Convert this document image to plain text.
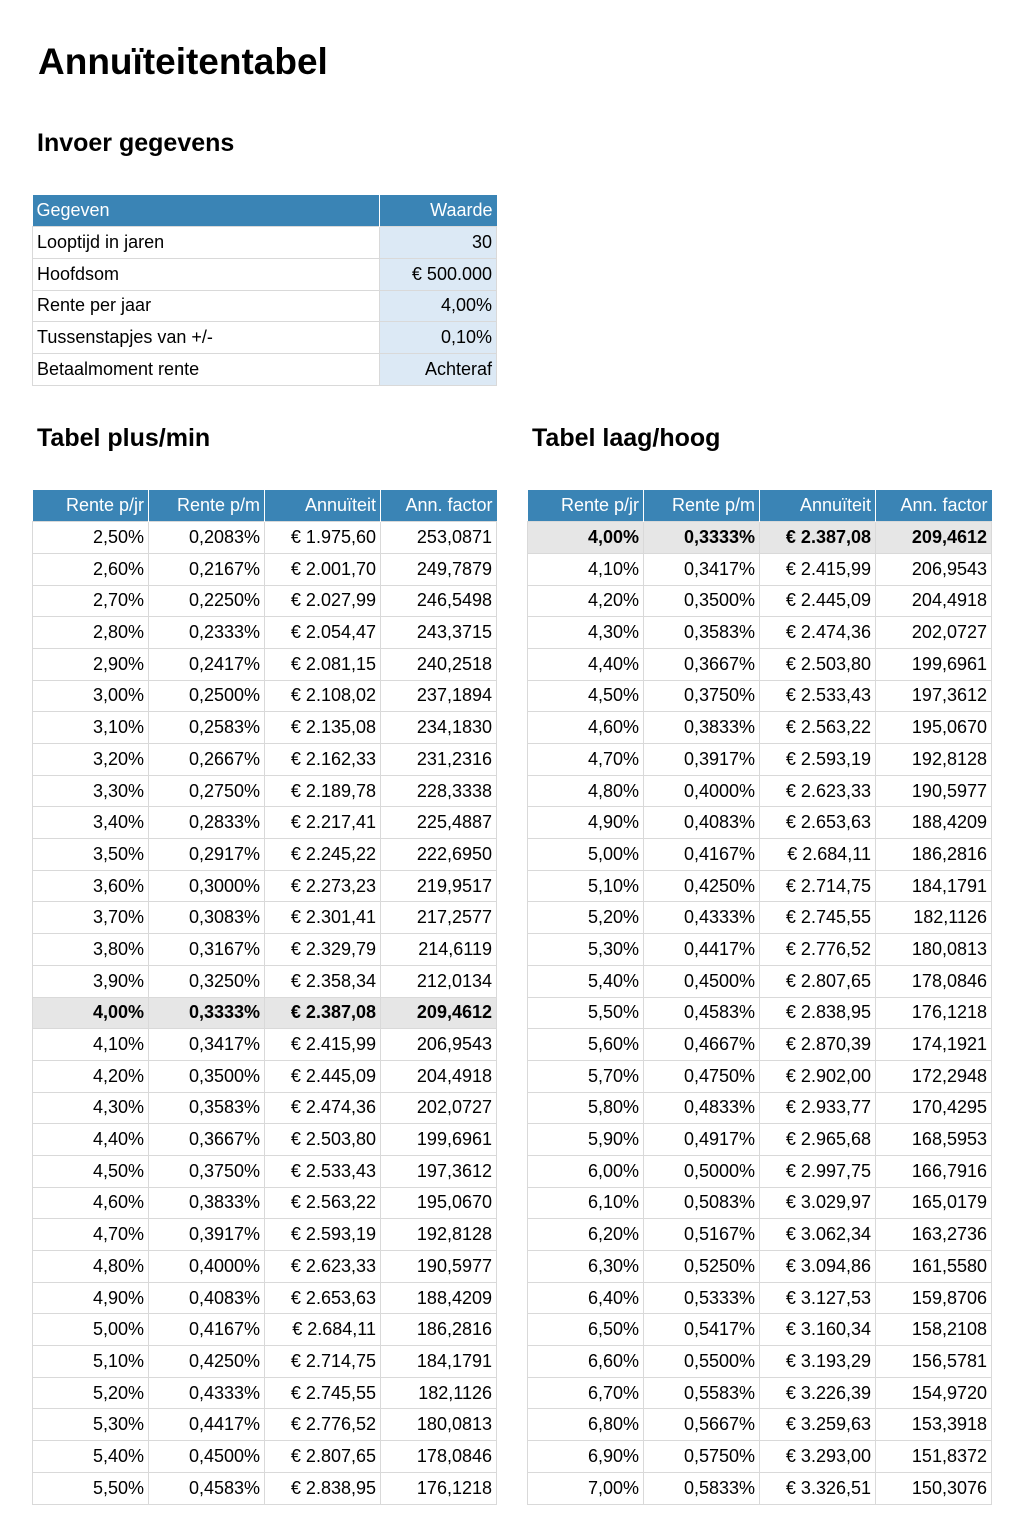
Annuïteitentabel
Invoer gegevens
Gegeven	Waarde
Looptijd in jaren	30
Hoofdsom	€ 500.000
Rente per jaar	4,00%
Tussenstapjes van +/-	0,10%
Betaalmoment rente	Achteraf
Tabel plus/min	Tabel laag/hoog
Rente p/jr	Rente p/m	Annuïteit	Ann. factor
2,50%	0,2083%	€ 1.975,60	253,0871
2,60%	0,2167%	€ 2.001,70	249,7879
2,70%	0,2250%	€ 2.027,99	246,5498
2,80%	0,2333%	€ 2.054,47	243,3715
2,90%	0,2417%	€ 2.081,15	240,2518
3,00%	0,2500%	€ 2.108,02	237,1894
3,10%	0,2583%	€ 2.135,08	234,1830
3,20%	0,2667%	€ 2.162,33	231,2316
3,30%	0,2750%	€ 2.189,78	228,3338
3,40%	0,2833%	€ 2.217,41	225,4887
3,50%	0,2917%	€ 2.245,22	222,6950
3,60%	0,3000%	€ 2.273,23	219,9517
3,70%	0,3083%	€ 2.301,41	217,2577
3,80%	0,3167%	€ 2.329,79	214,6119
3,90%	0,3250%	€ 2.358,34	212,0134
4,00%	0,3333%	€ 2.387,08	209,4612
4,10%	0,3417%	€ 2.415,99	206,9543
4,20%	0,3500%	€ 2.445,09	204,4918
4,30%	0,3583%	€ 2.474,36	202,0727
4,40%	0,3667%	€ 2.503,80	199,6961
4,50%	0,3750%	€ 2.533,43	197,3612
4,60%	0,3833%	€ 2.563,22	195,0670
4,70%	0,3917%	€ 2.593,19	192,8128
4,80%	0,4000%	€ 2.623,33	190,5977
4,90%	0,4083%	€ 2.653,63	188,4209
5,00%	0,4167%	€ 2.684,11	186,2816
5,10%	0,4250%	€ 2.714,75	184,1791
5,20%	0,4333%	€ 2.745,55	182,1126
5,30%	0,4417%	€ 2.776,52	180,0813
5,40%	0,4500%	€ 2.807,65	178,0846
5,50%	0,4583%	€ 2.838,95	176,1218
Rente p/jr	Rente p/m	Annuïteit	Ann. factor
4,00%	0,3333%	€ 2.387,08	209,4612
4,10%	0,3417%	€ 2.415,99	206,9543
4,20%	0,3500%	€ 2.445,09	204,4918
4,30%	0,3583%	€ 2.474,36	202,0727
4,40%	0,3667%	€ 2.503,80	199,6961
4,50%	0,3750%	€ 2.533,43	197,3612
4,60%	0,3833%	€ 2.563,22	195,0670
4,70%	0,3917%	€ 2.593,19	192,8128
4,80%	0,4000%	€ 2.623,33	190,5977
4,90%	0,4083%	€ 2.653,63	188,4209
5,00%	0,4167%	€ 2.684,11	186,2816
5,10%	0,4250%	€ 2.714,75	184,1791
5,20%	0,4333%	€ 2.745,55	182,1126
5,30%	0,4417%	€ 2.776,52	180,0813
5,40%	0,4500%	€ 2.807,65	178,0846
5,50%	0,4583%	€ 2.838,95	176,1218
5,60%	0,4667%	€ 2.870,39	174,1921
5,70%	0,4750%	€ 2.902,00	172,2948
5,80%	0,4833%	€ 2.933,77	170,4295
5,90%	0,4917%	€ 2.965,68	168,5953
6,00%	0,5000%	€ 2.997,75	166,7916
6,10%	0,5083%	€ 3.029,97	165,0179
6,20%	0,5167%	€ 3.062,34	163,2736
6,30%	0,5250%	€ 3.094,86	161,5580
6,40%	0,5333%	€ 3.127,53	159,8706
6,50%	0,5417%	€ 3.160,34	158,2108
6,60%	0,5500%	€ 3.193,29	156,5781
6,70%	0,5583%	€ 3.226,39	154,9720
6,80%	0,5667%	€ 3.259,63	153,3918
6,90%	0,5750%	€ 3.293,00	151,8372
7,00%	0,5833%	€ 3.326,51	150,3076
